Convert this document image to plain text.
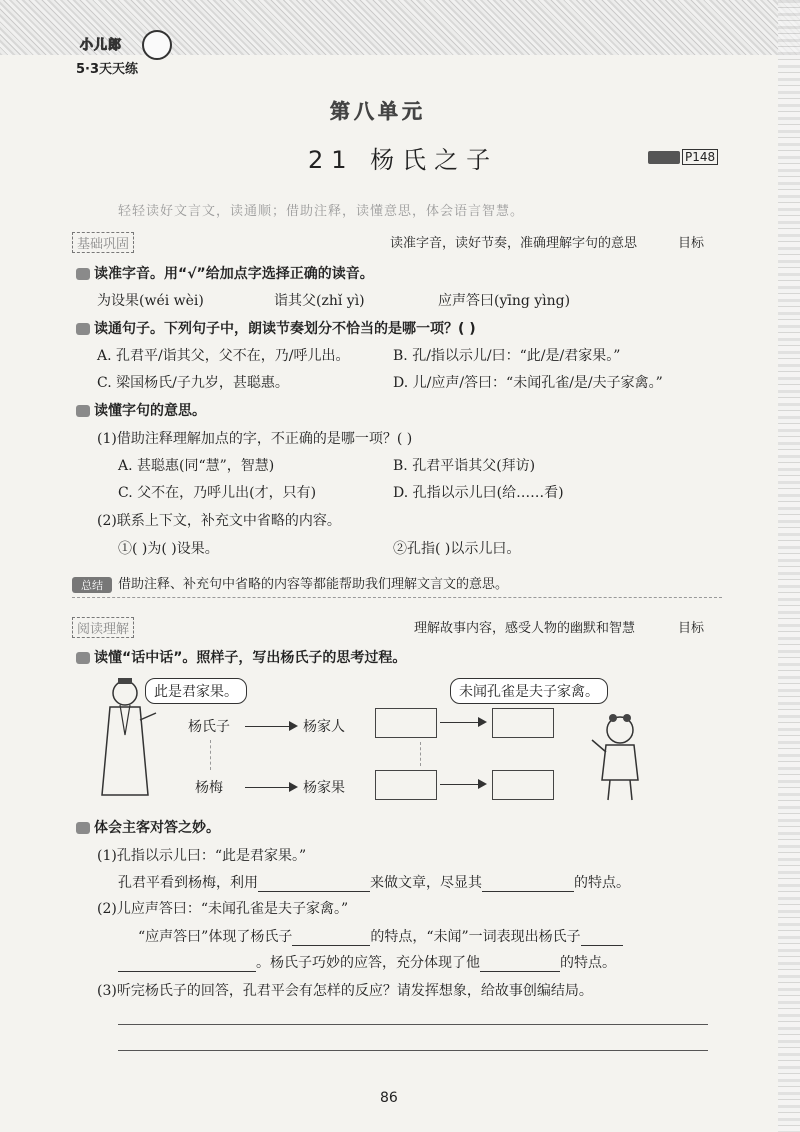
小儿郎
5·3天天练
第八单元
21 杨氏之子	P148
轻轻读好文言文，读通顺；借助注释，读懂意思，体会语言智慧。
基础巩固	读准字音，读好节奏，准确理解字句的意思	目标
读准字音。用“√”给加点字选择正确的读音。
为设果(wéi wèi)	诣其父(zhǐ yì)	应声答曰(yīng yìng)
读通句子。下列句子中，朗读节奏划分不恰当的是哪一项？( )
A. 孔君平/诣其父，父不在，乃/呼儿出。	B. 孔/指以示儿/曰：“此/是/君家果。”
C. 梁国杨氏/子九岁，甚聪惠。	D. 儿/应声/答曰：“未闻孔雀/是/夫子家禽。”
读懂字句的意思。
(1)借助注释理解加点的字，不正确的是哪一项？( )
A. 甚聪惠(同“慧”，智慧)	B. 孔君平诣其父(拜访)
C. 父不在，乃呼儿出(才，只有)	D. 孔指以示儿曰(给……看)
(2)联系上下文，补充文中省略的内容。
①( )为( )设果。	②孔指( )以示儿曰。
总结 借助注释、补充句中省略的内容等都能帮助我们理解文言文的意思。
阅读理解	理解故事内容，感受人物的幽默和智慧	目标
读懂“话中话”。照样子，写出杨氏子的思考过程。
此是君家果。
杨氏子	杨家人
杨梅	杨家果
未闻孔雀是夫子家禽。
体会主客对答之妙。
(1)孔指以示儿曰：“此是君家果。”
孔君平看到杨梅，利用	来做文章，尽显其	的特点。
(2)儿应声答曰：“未闻孔雀是夫子家禽。”
“应声答曰”体现了杨氏子	的特点，“未闻”一词表现出杨氏子
。杨氏子巧妙的应答，充分体现了他	的特点。
(3)听完杨氏子的回答，孔君平会有怎样的反应？请发挥想象，给故事创编结局。
86
